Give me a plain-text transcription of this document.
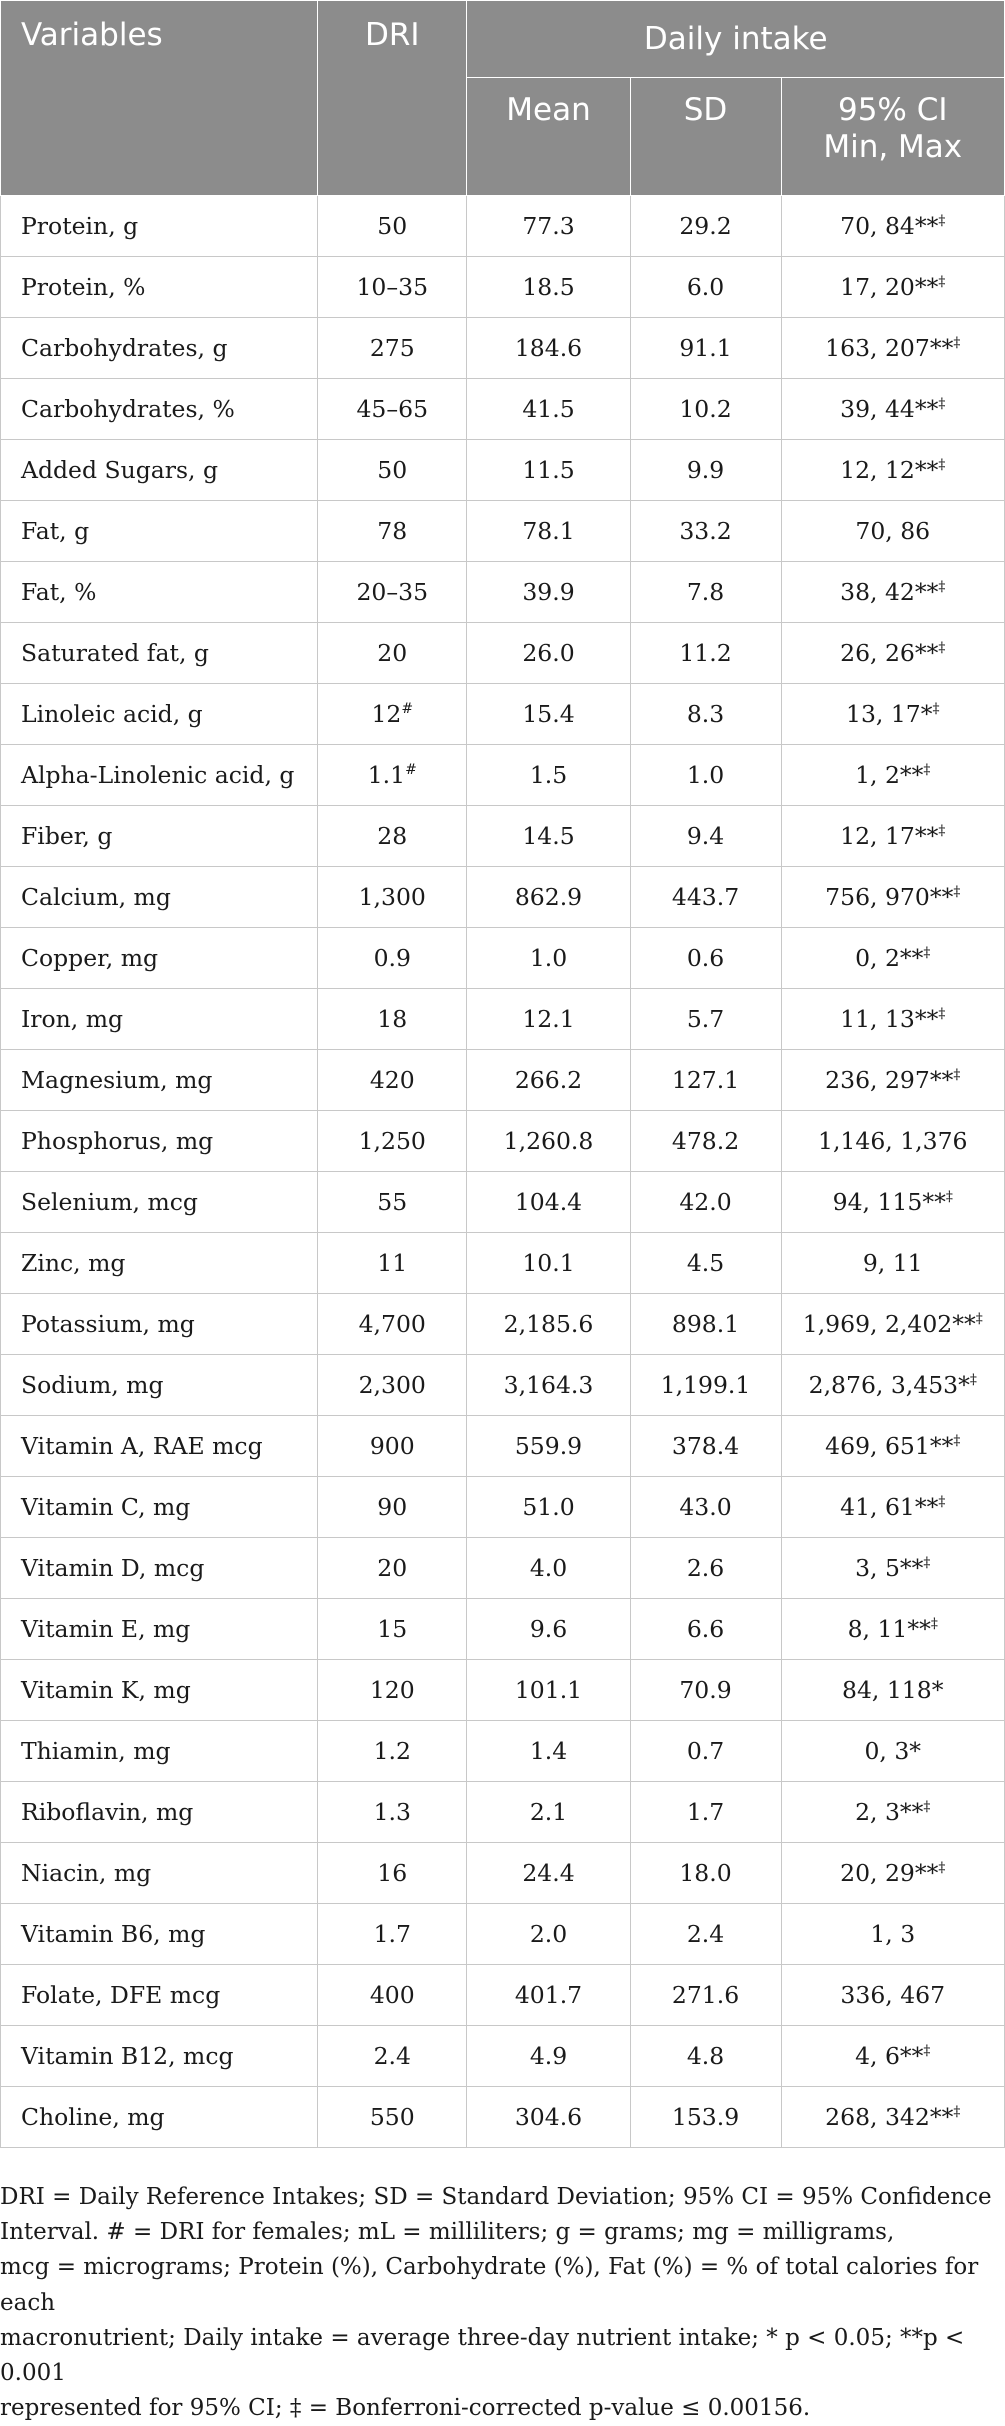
Variables	DRI	Daily intake		
		Mean	SD	95% CI
Min, Max
Protein, g	50	77.3	29.2	70, 84**‡
Protein, %	10–35	18.5	6.0	17, 20**‡
Carbohydrates, g	275	184.6	91.1	163, 207**‡
Carbohydrates, %	45–65	41.5	10.2	39, 44**‡
Added Sugars, g	50	11.5	9.9	12, 12**‡
Fat, g	78	78.1	33.2	70, 86
Fat, %	20–35	39.9	7.8	38, 42**‡
Saturated fat, g	20	26.0	11.2	26, 26**‡
Linoleic acid, g	12#	15.4	8.3	13, 17*‡
Alpha-Linolenic acid, g	1.1#	1.5	1.0	1, 2**‡
Fiber, g	28	14.5	9.4	12, 17**‡
Calcium, mg	1,300	862.9	443.7	756, 970**‡
Copper, mg	0.9	1.0	0.6	0, 2**‡
Iron, mg	18	12.1	5.7	11, 13**‡
Magnesium, mg	420	266.2	127.1	236, 297**‡
Phosphorus, mg	1,250	1,260.8	478.2	1,146, 1,376
Selenium, mcg	55	104.4	42.0	94, 115**‡
Zinc, mg	11	10.1	4.5	9, 11
Potassium, mg	4,700	2,185.6	898.1	1,969, 2,402**‡
Sodium, mg	2,300	3,164.3	1,199.1	2,876, 3,453*‡
Vitamin A, RAE mcg	900	559.9	378.4	469, 651**‡
Vitamin C, mg	90	51.0	43.0	41, 61**‡
Vitamin D, mcg	20	4.0	2.6	3, 5**‡
Vitamin E, mg	15	9.6	6.6	8, 11**‡
Vitamin K, mg	120	101.1	70.9	84, 118*
Thiamin, mg	1.2	1.4	0.7	0, 3*
Riboflavin, mg	1.3	2.1	1.7	2, 3**‡
Niacin, mg	16	24.4	18.0	20, 29**‡
Vitamin B6, mg	1.7	2.0	2.4	1, 3
Folate, DFE mcg	400	401.7	271.6	336, 467
Vitamin B12, mcg	2.4	4.9	4.8	4, 6**‡
Choline, mg	550	304.6	153.9	268, 342**‡

DRI = Daily Reference Intakes; SD = Standard Deviation; 95% CI = 95% Confidence

Interval. # = DRI for females; mL = milliliters; g = grams; mg = milligrams,

mcg = micrograms; Protein (%), Carbohydrate (%), Fat (%) = % of total calories for each

macronutrient; Daily intake = average three-day nutrient intake; * p < 0.05; **p < 0.001

represented for 95% CI; ‡ = Bonferroni-corrected p-value ≤ 0.00156.
